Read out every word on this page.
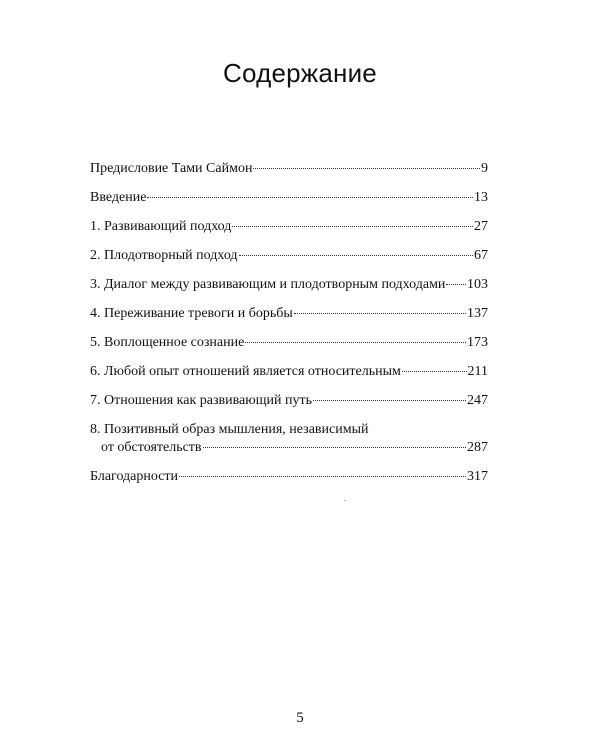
Содержание
Предисловие Тами Саймон	9
Введение	13
1. Развивающий подход	27
2. Плодотворный подход	67
3. Диалог между развивающим и плодотворным подходами 103
4. Переживание тревоги и борьбы	137
5. Воплощенное сознание	173
6. Любой опыт отношений является относительным	211
7. Отношения как развивающий путь	247
8. Позитивный образ мышления, независимый
от обстоятельств	287
Благодарности	317
5
